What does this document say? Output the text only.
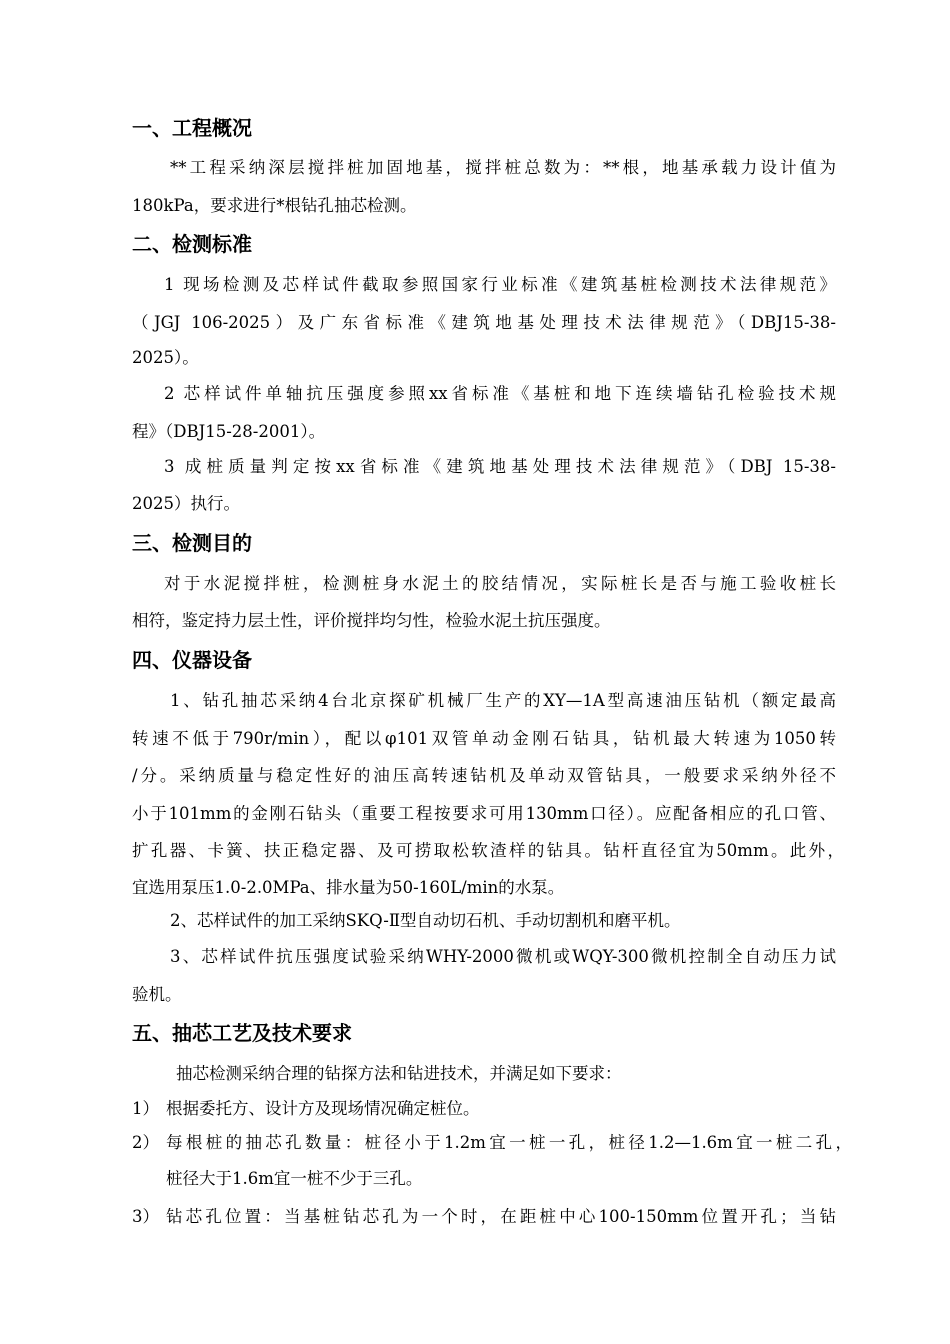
一、工程概况
**工程采纳深层搅拌桩加固地基，搅拌桩总数为：**根，地基承载力设计值为
180kPa，要求进行*根钻孔抽芯检测。
二、检测标准
1 现场检测及芯样试件截取参照国家行业标准《建筑基桩检测技术法律规范》
（JGJ 106-2025）及广东省标准《建筑地基处理技术法律规范》（DBJ15-38-
2025）。
2 芯样试件单轴抗压强度参照xx省标准《基桩和地下连续墙钻孔检验技术规
程》（DBJ15-28-2001）。
3 成桩质量判定按xx省标准《建筑地基处理技术法律规范》（DBJ 15-38-
2025）执行。
三、检测目的
对于水泥搅拌桩，检测桩身水泥土的胶结情况，实际桩长是否与施工验收桩长
相符，鉴定持力层土性，评价搅拌均匀性，检验水泥土抗压强度。
四、仪器设备
1、钻孔抽芯采纳4台北京探矿机械厂生产的XY—1A型高速油压钻机（额定最高
转速不低于790r/min），配以φ101双管单动金刚石钻具，钻机最大转速为1050转
/分。采纳质量与稳定性好的油压高转速钻机及单动双管钻具，一般要求采纳外径不
小于101mm的金刚石钻头（重要工程按要求可用130mm口径）。应配备相应的孔口管、
扩孔器、卡簧、扶正稳定器、及可捞取松软渣样的钻具。钻杆直径宜为50mm。此外，
宜选用泵压1.0-2.0MPa、排水量为50-160L/min的水泵。
2、芯样试件的加工采纳SKQ-Ⅱ型自动切石机、手动切割机和磨平机。
3、芯样试件抗压强度试验采纳WHY-2000微机或WQY-300微机控制全自动压力试
验机。
五、抽芯工艺及技术要求
抽芯检测采纳合理的钻探方法和钻进技术，并满足如下要求：
1） 根据委托方、设计方及现场情况确定桩位。
2） 每根桩的抽芯孔数量：桩径小于1.2m宜一桩一孔，桩径1.2—1.6m宜一桩二孔，
桩径大于1.6m宜一桩不少于三孔。
3） 钻芯孔位置：当基桩钻芯孔为一个时，在距桩中心100-150mm位置开孔；当钻
